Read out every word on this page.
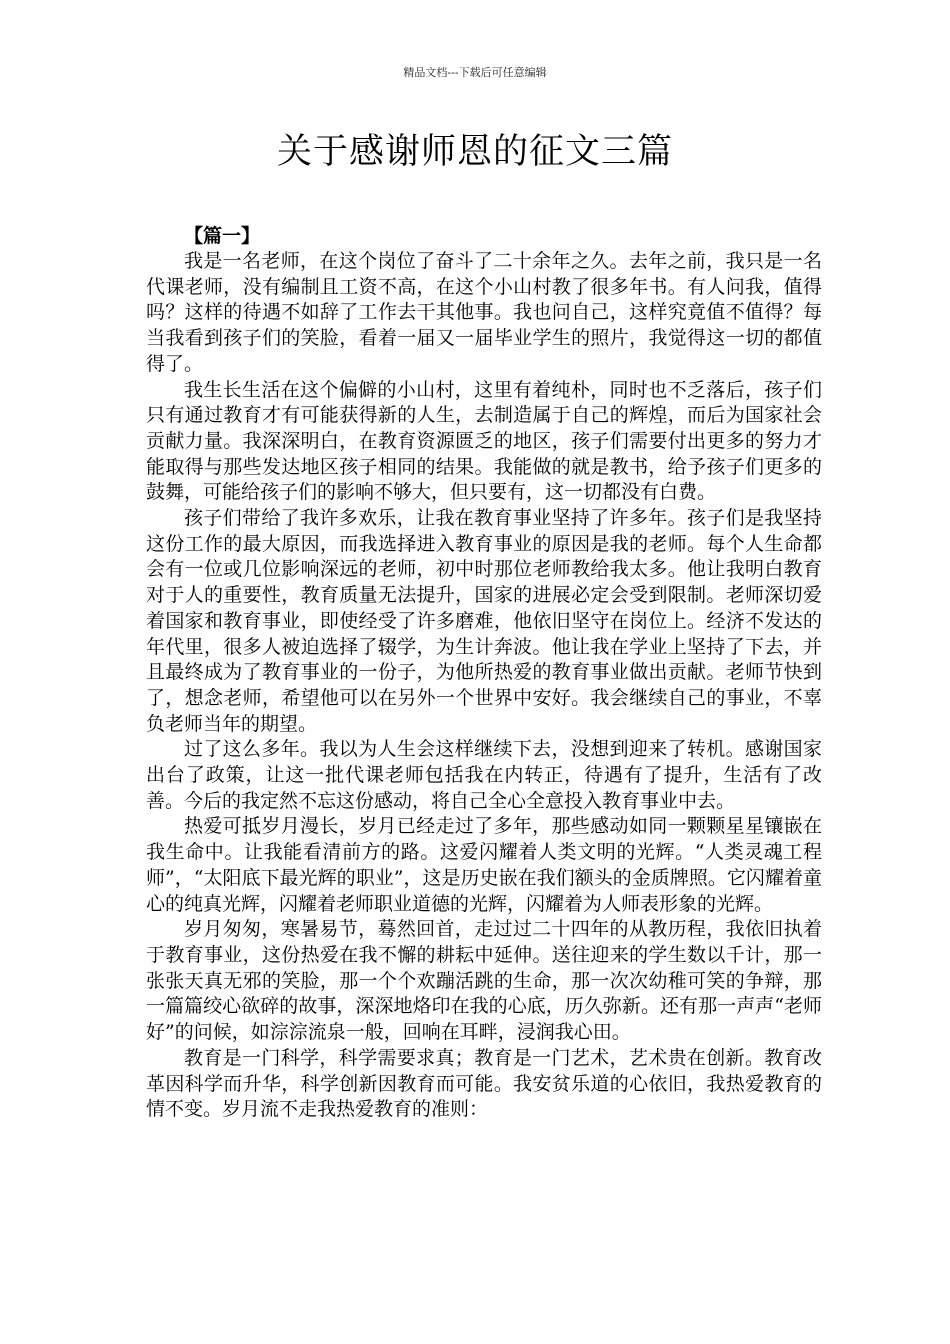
精品文档---下载后可任意编辑
关于感谢师恩的征文三篇

【篇一】

我是一名老师，在这个岗位了奋斗了二十余年之久。去年之前，我只是一名代课老师，没有编制且工资不高，在这个小山村教了很多年书。有人问我，值得吗？这样的待遇不如辞了工作去干其他事。我也问自己，这样究竟值不值得？每当我看到孩子们的笑脸，看着一届又一届毕业学生的照片，我觉得这一切的都值得了。

我生长生活在这个偏僻的小山村，这里有着纯朴，同时也不乏落后，孩子们只有通过教育才有可能获得新的人生，去制造属于自己的辉煌，而后为国家社会贡献力量。我深深明白，在教育资源匮乏的地区，孩子们需要付出更多的努力才能取得与那些发达地区孩子相同的结果。我能做的就是教书，给予孩子们更多的鼓舞，可能给孩子们的影响不够大，但只要有，这一切都没有白费。

孩子们带给了我许多欢乐，让我在教育事业坚持了许多年。孩子们是我坚持这份工作的最大原因，而我选择进入教育事业的原因是我的老师。每个人生命都会有一位或几位影响深远的老师，初中时那位老师教给我太多。他让我明白教育对于人的重要性，教育质量无法提升，国家的进展必定会受到限制。老师深切爱着国家和教育事业，即使经受了许多磨难，他依旧坚守在岗位上。经济不发达的年代里，很多人被迫选择了辍学，为生计奔波。他让我在学业上坚持了下去，并且最终成为了教育事业的一份子，为他所热爱的教育事业做出贡献。老师节快到了，想念老师，希望他可以在另外一个世界中安好。我会继续自己的事业，不辜负老师当年的期望。

过了这么多年。我以为人生会这样继续下去，没想到迎来了转机。感谢国家出台了政策，让这一批代课老师包括我在内转正，待遇有了提升，生活有了改善。今后的我定然不忘这份感动，将自己全心全意投入教育事业中去。

热爱可抵岁月漫长，岁月已经走过了多年，那些感动如同一颗颗星星镶嵌在我生命中。让我能看清前方的路。这爱闪耀着人类文明的光辉。“人类灵魂工程师”，“太阳底下最光辉的职业”，这是历史嵌在我们额头的金质牌照。它闪耀着童心的纯真光辉，闪耀着老师职业道德的光辉，闪耀着为人师表形象的光辉。

岁月匆匆，寒暑易节，蓦然回首，走过过二十四年的从教历程，我依旧执着于教育事业，这份热爱在我不懈的耕耘中延伸。送往迎来的学生数以千计，那一张张天真无邪的笑脸，那一个个欢蹦活跳的生命，那一次次幼稚可笑的争辩，那一篇篇绞心欲碎的故事，深深地烙印在我的心底，历久弥新。还有那一声声“老师好”的问候，如淙淙流泉一般，回响在耳畔，浸润我心田。

教育是一门科学，科学需要求真；教育是一门艺术，艺术贵在创新。教育改革因科学而升华，科学创新因教育而可能。我安贫乐道的心依旧，我热爱教育的情不变。岁月流不走我热爱教育的准则：
